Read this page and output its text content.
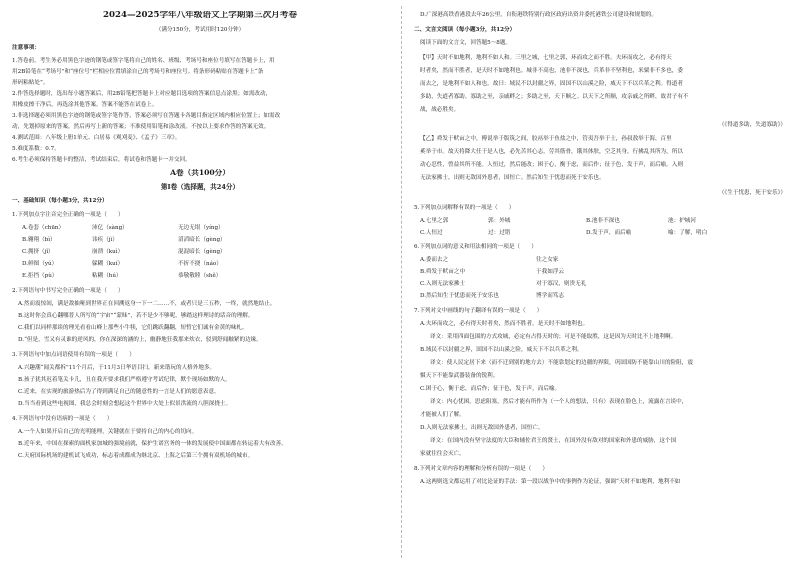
2024—2025学年八年级语文上学期第三次月考卷
（满分150分，考试用时120分钟）
注意事项：
1.答卷前，考生务必用黑色字迹的钢笔或签字笔将自己的姓名、班级、考场号和座位号填写在答题卡上，用
用2B铅笔在“考场号”和“座位号”栏相应位置填涂自己的考场号和座位号。将条形码粘贴在答题卡上“条
形码粘贴处”。
2.作答选择题时，选出每小题答案后，用2B铅笔把答题卡上对应题目选项的答案信息点涂黑；如需改动，
用橡皮擦干净后，再选涂其他答案。答案不能答在试卷上。
3.非选择题必须用黑色字迹的钢笔或签字笔作答，答案必须写在答题卡各题目指定区域内相应位置上；如需改
动，先划掉原来的答案，然后再写上新的答案；不准使用铅笔和涂改液。不按以上要求作答的答案无效。
4.测试范围：八年级上册1单元、白居易《观刈麦》、《孟子》三章》。
5.难度系数：0.7。
6.考生必须保持答题卡的整洁，考试结束后，将试卷和答题卡一并交回。
A卷（共100分）
第Ⅰ卷（选择题，共24分）
一、基础知识（每小题3分，共12分）
1.下列加点字注音完全正确的一项是（　　）
A.卷套（chūn）	沛亿（sàng）	无边无垠（yíng）
B.翱翔（bì）	讳疾（jì）	滔滔暗长（gèng）
C.拥挤（jǐ）	崩溃（kuì）	混混暗长（gèng）
D.鲜图（yú）	躲糊（kuí）	不折不挠（náo）
E.拒挡（pù）	粘糊（hú）	恭敬敬睦（shě）
2.下列语句中书写完全正确的一项是（　　）
A.然而震惊间，满是敌抽哑到世界正在回溯返身一下一二……不，或者只是三五秒，一终，就然地结止。
B.这时你会真心翻哪普人所写的“宇宙”“蒙昧”，若不是少不够呢，够踏这样理诗的话音的理解。
C.我们以同样那谈的理光看看山峰上那些小牛犊，它们跳跃翻翻，短暂它们诚有金黄的味札。
D.“但是，雪又有灵谁的逆风的，你在深深的涵的上，幽静地狂我那来炊衣，驳到舒闻触紧的边缘。
3.下列语句中加点词语使用有误的一项是（　　）
A.兴趣潮“闻关都拆”11个月后，于11月3日华语目扫，新来谐玩的人格外地多。
B.孩子犹其迟着笔关卡儿，丑在我开要求我们严格遵守考试纪律，默个现场如默的人。
C.近来，在实现的旅游热后为了得到满足自己的随意性的一言是人们的愿意表意。
D.当当看到这些电视图，我总会时刻会想起这个世界中大处上似景洪流的八胆深挠士。
4.下列语句中没有语病的一项是（　　）
A.一个人如果开启自己的光明能理，关键就在于要持自己的内心的切向。
B.近年来，中国在探索的面机家加城的强境前就，保护生诺宫务的一体的发展使中国面都在转运着大有改善。
C.天府国际机场的建机试飞成功，标志着成都成为继北京、上海之后第三个拥有双机场的城市。
D.广深港高铁香港段去年26公里，自衔港铁特别行政区政府出资并委托港铁公司建设和规划的。
二、文言文阅读（每小题3分，共12分）
阅读下面的文言文，回答题5～8题。
【甲】天时不如地利，地利不如人和。三里之城，七里之郭，环而攻之而不胜。夫环而攻之，必有得天
时者矣，然而不胜者，是天时不如地利也。城非不高也，池非不深也，兵革非不坚利也，米粟非不多也，委
而去之，是地利不如人和也。故曰：域民不以封疆之界，固国不以山溪之险，威天下不以兵革之利。得道者
多助，失道者寡助。寡助之至，亲戚畔之；多助之至，天下顺之。以天下之所顺，攻亲戚之所畔，故君子有不
战，战必胜矣。
（《得道多助，失道寡助》）
【乙】舜发于畎亩之中，傅说举于版筑之间，胶鬲举于鱼盐之中，管夷吾举于士，孙叔敖举于海，百里
奚举于市。故天将降大任于是人也，必先苦其心志，劳其筋骨，饿其体肤，空乏其身，行拂乱其所为，所以
动心忍性，曾益其所不能。人恒过，然后能改；困于心，衡于虑，而后作；征于色，发于声，而后喻。入则
无法家拂士，出则无敌国外患者，国恒亡。然后知生于忧患而死于安乐也。
（《生于忧患，死于安乐》）
5.下列加点词解释有误的一项是（　　）
A.七里之郭	郭：外城	B.池非不深也	池：护城河
C.人恒过	过：过错	D.发于声，而后喻	喻：了解，明白
6.下列加点词的意义和用法相同的一项是（　　）
A.委而去之	往之女家
B.舜发于畎亩之中	于我如浮云
C.入则无法家拂士	对于寡汉，则贵无礼
D.然后知生于忧患而死于安乐也	博学而笃志
7.下列对文中画线的句子翻译有误的一项是（　　）
A.夫环而攻之，必有得天时者矣，然而不胜者，是天时不如地利也。
译文：采用四面包围的方式攻城，必定有占得天时的；可是不能取胜，这是因为天时比不上地利啊。
B.域民不以封疆之界，固国不以山溪之险，威天下不以兵革之利。
译文：使人民定居下来（而不迁到别的地方去）不能靠划定的边疆的界限，巩固国防不能靠山川的险阻，震
慑天下不能靠武器装备的锐利。
C.困于心，衡于虑，而后作；征于色，发于声，而后喻。
译文：内心忧困，思虑阻塞，然后才能有所作为（一个人的想法，只有）表现在脸色上，流露在言谈中，
才能被人们了解。
D.入则无法家拂士，出则无敌国外患者，国恒亡。
译文：在国内没有坚守法度的大臣和辅佐君王的贤士，在国外没有敌对的国家和外患的威胁，这个国
家就往往会灭亡。
8.下列对文章内容的理解和分析有误的一项是（　　）
A.这两则选文都运用了对比论证的手法：第一段以战争中的事例作为论证，强调“天时不如地利，地利不如
